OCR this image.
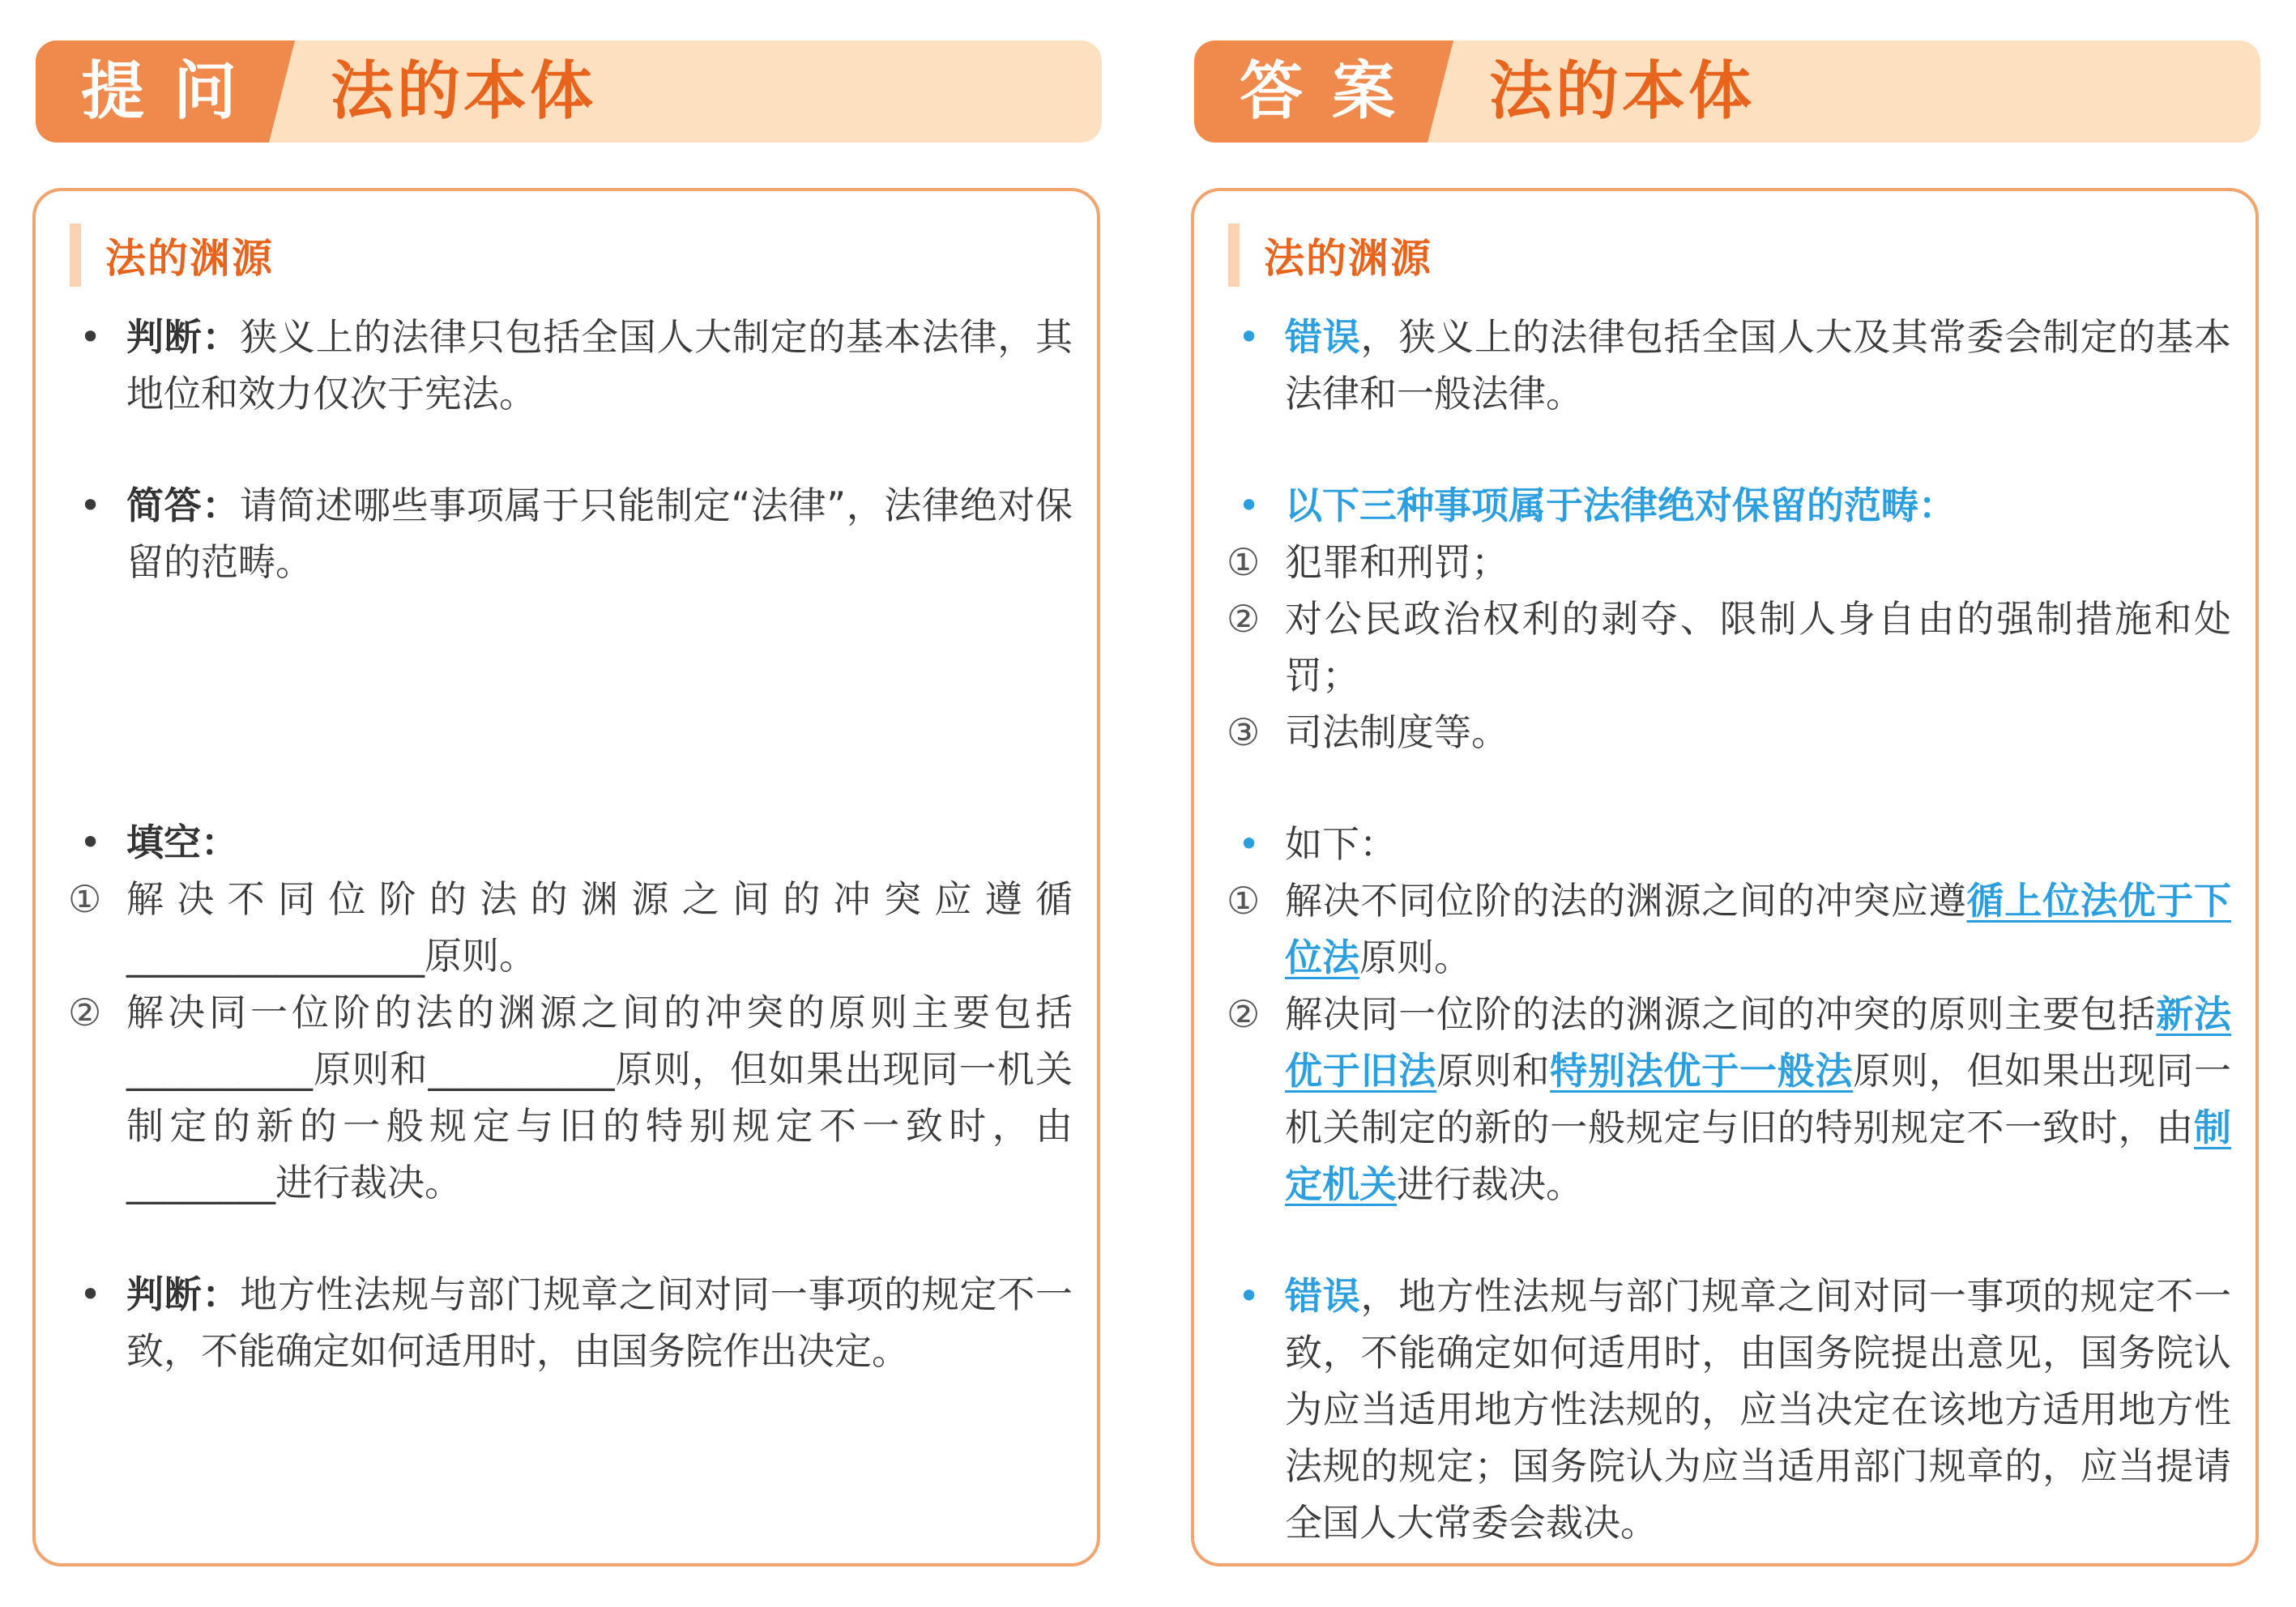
提问 法的本体	答案 法的本体
法的渊源
• 判断：狭义上的法律只包括全国人大制定的基本法律，其地位和效力仅次于宪法。
• 简答：请简述哪些事项属于只能制定“法律”，法律绝对保留的范畴。
• 填空：
① 解决不同位阶的法的渊源之间的冲突应遵循________________原则。
② 解决同一位阶的法的渊源之间的冲突的原则主要包括__________原则和__________原则，但如果出现同一机关制定的新的一般规定与旧的特别规定不一致时，由________进行裁决。
• 判断：地方性法规与部门规章之间对同一事项的规定不一致，不能确定如何适用时，由国务院作出决定。
法的渊源
• 错误，狭义上的法律包括全国人大及其常委会制定的基本法律和一般法律。
• 以下三种事项属于法律绝对保留的范畴：
① 犯罪和刑罚；
② 对公民政治权利的剥夺、限制人身自由的强制措施和处罚；
③ 司法制度等。
• 如下：
① 解决不同位阶的法的渊源之间的冲突应遵循上位法优于下位法原则。
② 解决同一位阶的法的渊源之间的冲突的原则主要包括新法优于旧法原则和特别法优于一般法原则，但如果出现同一机关制定的新的一般规定与旧的特别规定不一致时，由制定机关进行裁决。
• 错误，地方性法规与部门规章之间对同一事项的规定不一致，不能确定如何适用时，由国务院提出意见，国务院认为应当适用地方性法规的，应当决定在该地方适用地方性法规的规定；国务院认为应当适用部门规章的，应当提请全国人大常委会裁决。
